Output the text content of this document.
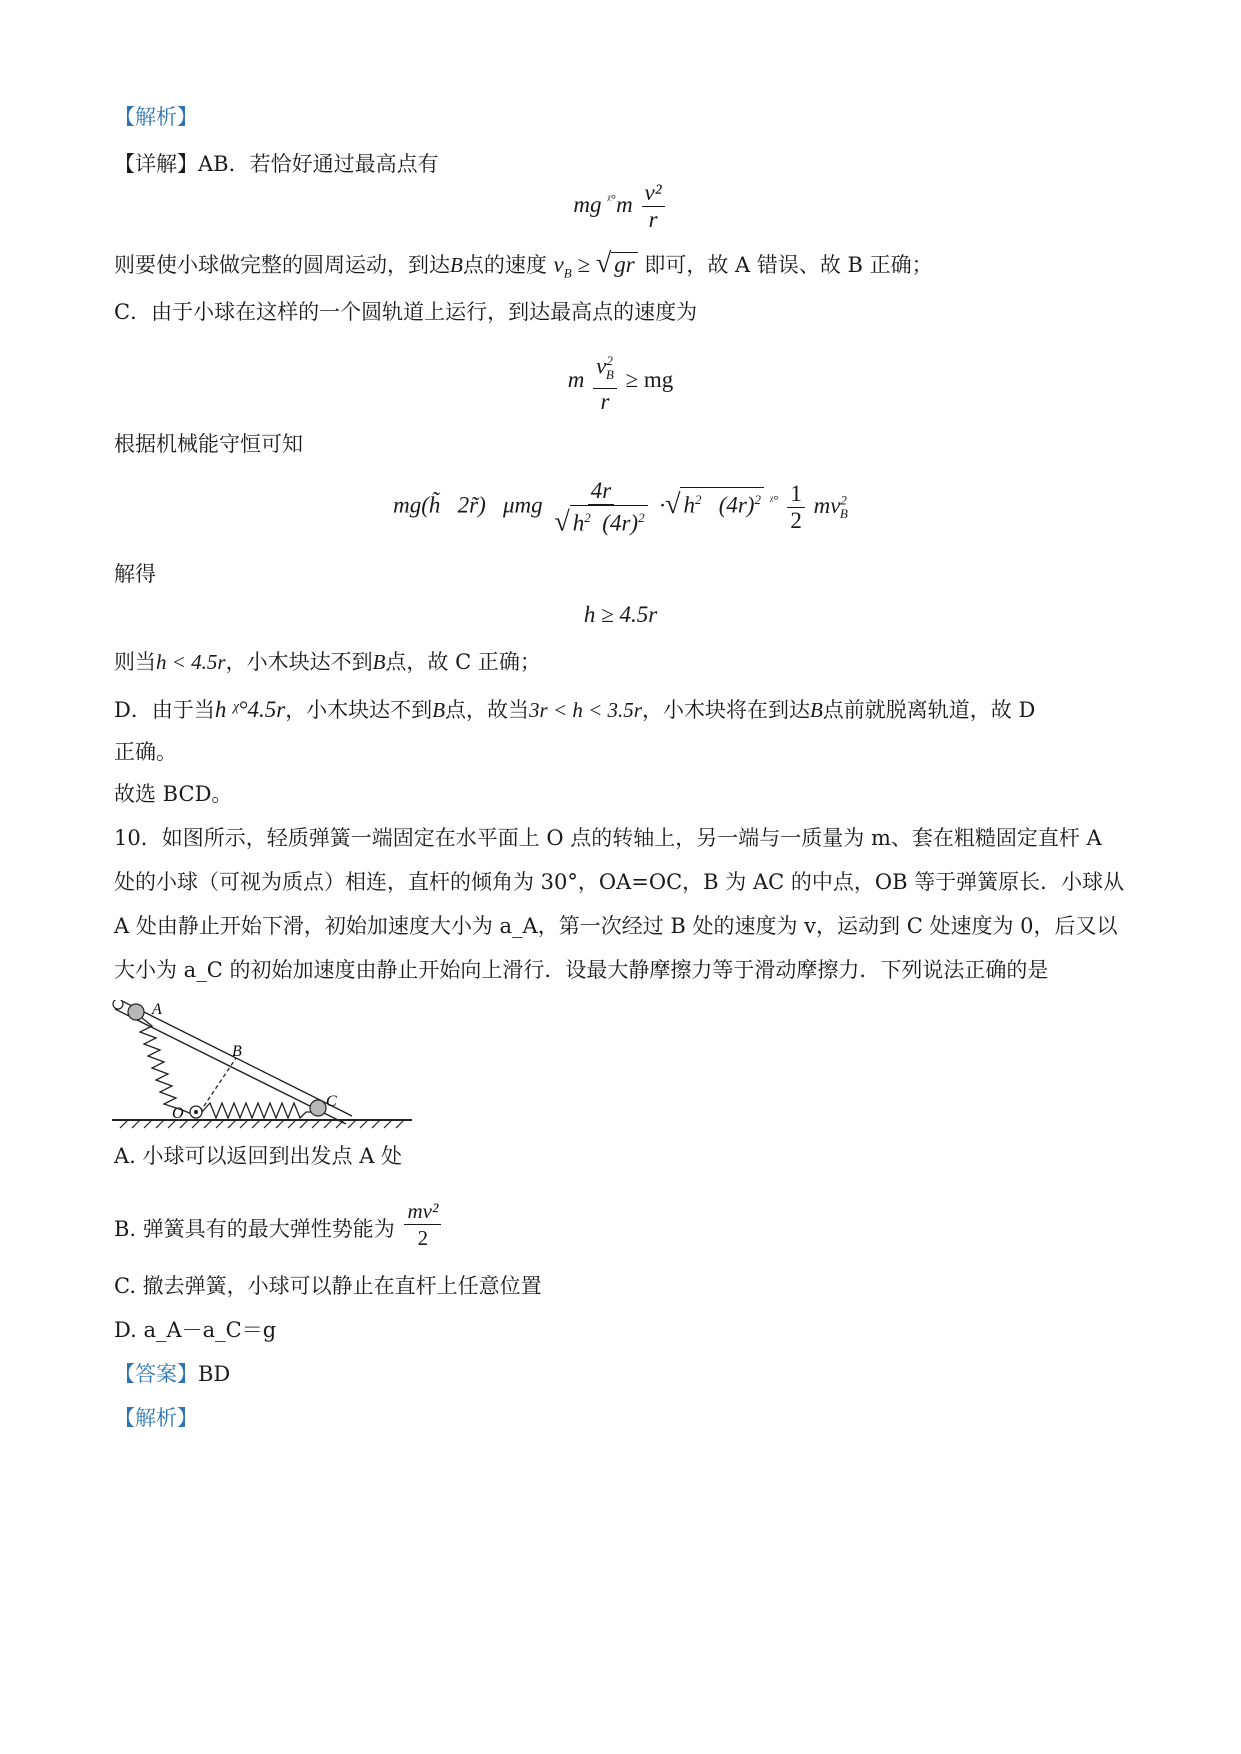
【解析】
【详解】AB．若恰好通过最高点有
mg $^{ᵡ^\circ}m \frac{\text{v²}}{r}$
则要使小球做完整的圆周运动，到达B点的速度 $v_B$ ≥ √ gr 即可，故 A 错误、故 B 正确；
C．由于小球在这样的一个圆轨道上运行，到达最高点的速度为
m $\frac{v^2_B}{r}$ ≥ mg
根据机械能守恒可知
mg(h̃   2r̃)   μmg $\frac{4r}{√ h^2 (4r)^2}$ ·√ $h^2$   $(4r)^2$ $^{ᵡ^\circ} \frac{1}{2} mv^2_B$
解得
h ≥ 4.5r
则当h < 4.5r，小木块达不到B点，故 C 正确；
D．由于当h ᵡ°4.5r，小木块达不到B点，故当3r < h < 3.5r，小木块将在到达B点前就脱离轨道，故 D
正确。
故选 BCD。
10．如图所示，轻质弹簧一端固定在水平面上 O 点的转轴上，另一端与一质量为 m、套在粗糙固定直杆 A
处的小球（可视为质点）相连，直杆的倾角为 30°，OA=OC，B 为 AC 的中点，OB 等于弹簧原长．小球从
A 处由静止开始下滑，初始加速度大小为 a_A，第一次经过 B 处的速度为 v，运动到 C 处速度为 0，后又以
大小为 a_C 的初始加速度由静止开始向上滑行．设最大静摩擦力等于滑动摩擦力．下列说法正确的是
A
B
C
O
A. 小球可以返回到出发点 A 处
B. 弹簧具有的最大弹性势能为 $\frac{\text{mv²}}{2}$
C. 撤去弹簧，小球可以静止在直杆上任意位置
D. a_A－a_C＝g
【答案】BD
【解析】
